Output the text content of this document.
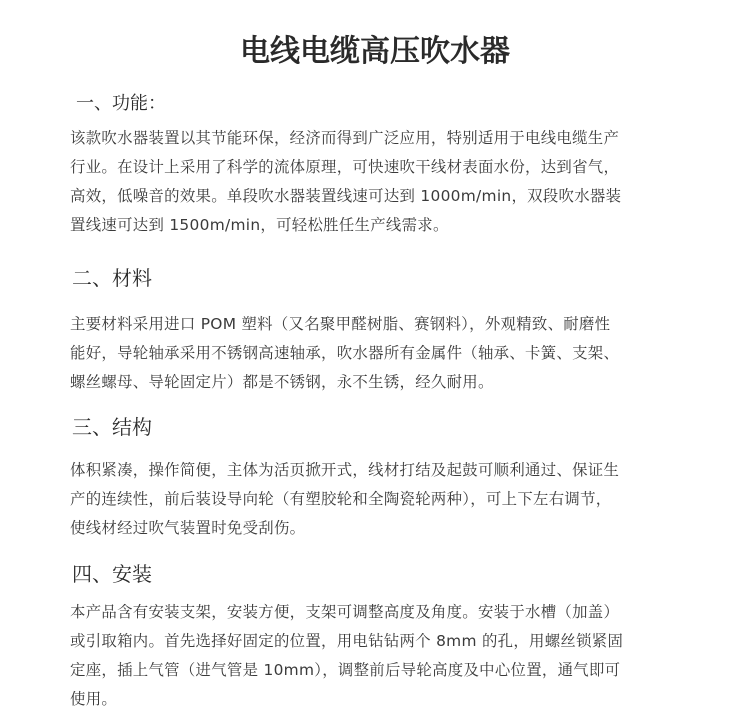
电线电缆高压吹水器
一、功能：
该款吹水器装置以其节能环保，经济而得到广泛应用，特别适用于电线电缆生产
行业。在设计上采用了科学的流体原理，可快速吹干线材表面水份，达到省气，
高效，低噪音的效果。单段吹水器装置线速可达到 1000m/min，双段吹水器装
置线速可达到 1500m/min，可轻松胜任生产线需求。
二、材料
主要材料采用进口 POM 塑料（又名聚甲醛树脂、赛钢料），外观精致、耐磨性
能好，导轮轴承采用不锈钢高速轴承，吹水器所有金属件（轴承、卡簧、支架、
螺丝螺母、导轮固定片）都是不锈钢，永不生锈，经久耐用。
三、结构
体积紧凑，操作简便，主体为活页掀开式，线材打结及起鼓可顺利通过、保证生
产的连续性，前后装设导向轮（有塑胶轮和全陶瓷轮两种），可上下左右调节，
使线材经过吹气装置时免受刮伤。
四、安装
本产品含有安装支架，安装方便，支架可调整高度及角度。安装于水槽（加盖）
或引取箱内。首先选择好固定的位置，用电钻钻两个 8mm 的孔，用螺丝锁紧固
定座，插上气管（进气管是 10mm），调整前后导轮高度及中心位置，通气即可
使用。
